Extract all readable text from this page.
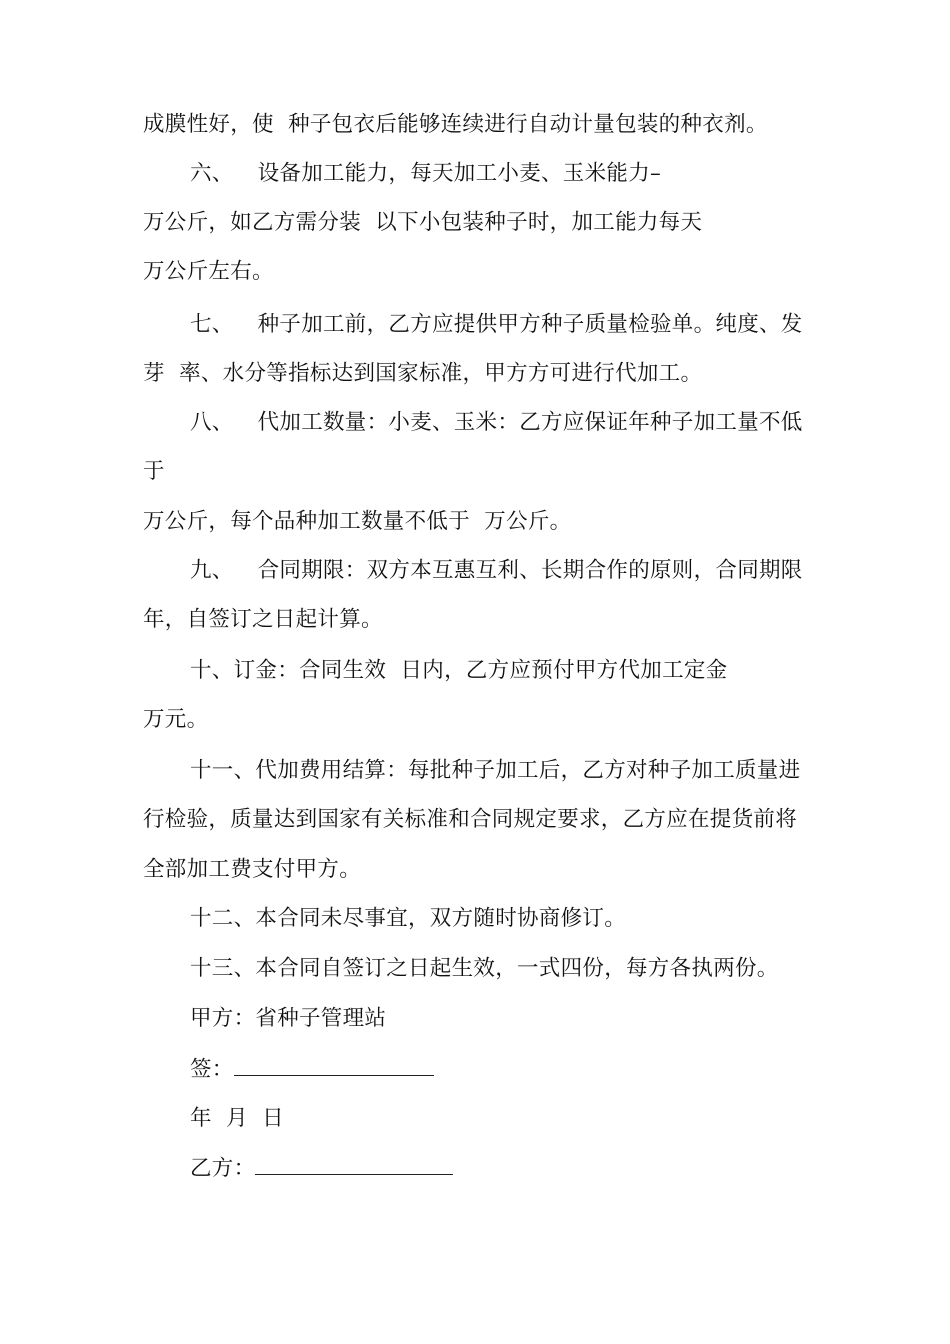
成膜性好，使  种子包衣后能够连续进行自动计量包装的种衣剂。
六、 设备加工能力，每天加工小麦、玉米能力–
万公斤，如乙方需分装  以下小包装种子时，加工能力每天
万公斤左右。
七、 种子加工前，乙方应提供甲方种子质量检验单。纯度、发
芽  率、水分等指标达到国家标准，甲方方可进行代加工。
八、 代加工数量：小麦、玉米：乙方应保证年种子加工量不低
于
万公斤，每个品种加工数量不低于  万公斤。
九、 合同期限：双方本互惠互利、长期合作的原则，合同期限
年，自签订之日起计算。
十、订金：合同生效  日内，乙方应预付甲方代加工定金
万元。
十一、代加费用结算：每批种子加工后，乙方对种子加工质量进
行检验，质量达到国家有关标准和合同规定要求，乙方应在提货前将
全部加工费支付甲方。
十二、本合同未尽事宜，双方随时协商修订。
十三、本合同自签订之日起生效，一式四份，每方各执两份。
甲方：省种子管理站
签：
年  月  日
乙方：
